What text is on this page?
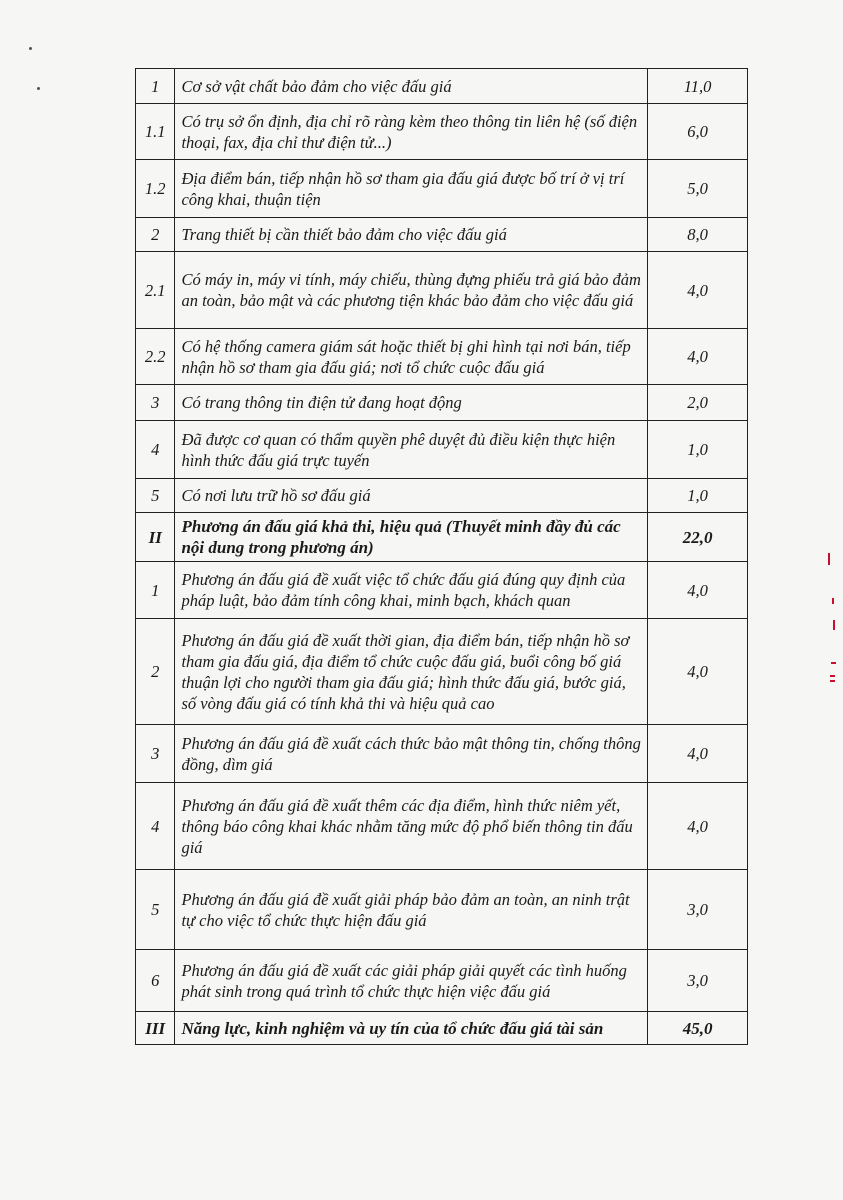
1	Cơ sở vật chất bảo đảm cho việc đấu giá	11,0
1.1	Có trụ sở ổn định, địa chỉ rõ ràng kèm theo thông tin liên hệ (số điện thoại, fax, địa chỉ thư điện tử...)	6,0
1.2	Địa điểm bán, tiếp nhận hồ sơ tham gia đấu giá được bố trí ở vị trí công khai, thuận tiện	5,0
2	Trang thiết bị cần thiết bảo đảm cho việc đấu giá	8,0
2.1	Có máy in, máy vi tính, máy chiếu, thùng đựng phiếu trả giá bảo đảm an toàn, bảo mật và các phương tiện khác bảo đảm cho việc đấu giá	4,0
2.2	Có hệ thống camera giám sát hoặc thiết bị ghi hình tại nơi bán, tiếp nhận hồ sơ tham gia đấu giá; nơi tổ chức cuộc đấu giá	4,0
3	Có trang thông tin điện tử đang hoạt động	2,0
4	Đã được cơ quan có thẩm quyền phê duyệt đủ điều kiện thực hiện hình thức đấu giá trực tuyến	1,0
5	Có nơi lưu trữ hồ sơ đấu giá	1,0
II	Phương án đấu giá khả thi, hiệu quả (Thuyết minh đầy đủ các nội dung trong phương án)	22,0
1	Phương án đấu giá đề xuất việc tổ chức đấu giá đúng quy định của pháp luật, bảo đảm tính công khai, minh bạch, khách quan	4,0
2	Phương án đấu giá đề xuất thời gian, địa điểm bán, tiếp nhận hồ sơ tham gia đấu giá, địa điểm tổ chức cuộc đấu giá, buổi công bố giá thuận lợi cho người tham gia đấu giá; hình thức đấu giá, bước giá, số vòng đấu giá có tính khả thi và hiệu quả cao	4,0
3	Phương án đấu giá đề xuất cách thức bảo mật thông tin, chống thông đồng, dìm giá	4,0
4	Phương án đấu giá đề xuất thêm các địa điểm, hình thức niêm yết, thông báo công khai khác nhằm tăng mức độ phổ biến thông tin đấu giá	4,0
5	Phương án đấu giá đề xuất giải pháp bảo đảm an toàn, an ninh trật tự cho việc tổ chức thực hiện đấu giá	3,0
6	Phương án đấu giá đề xuất các giải pháp giải quyết các tình huống phát sinh trong quá trình tổ chức thực hiện việc đấu giá	3,0
III	Năng lực, kinh nghiệm và uy tín của tổ chức đấu giá tài sản	45,0
